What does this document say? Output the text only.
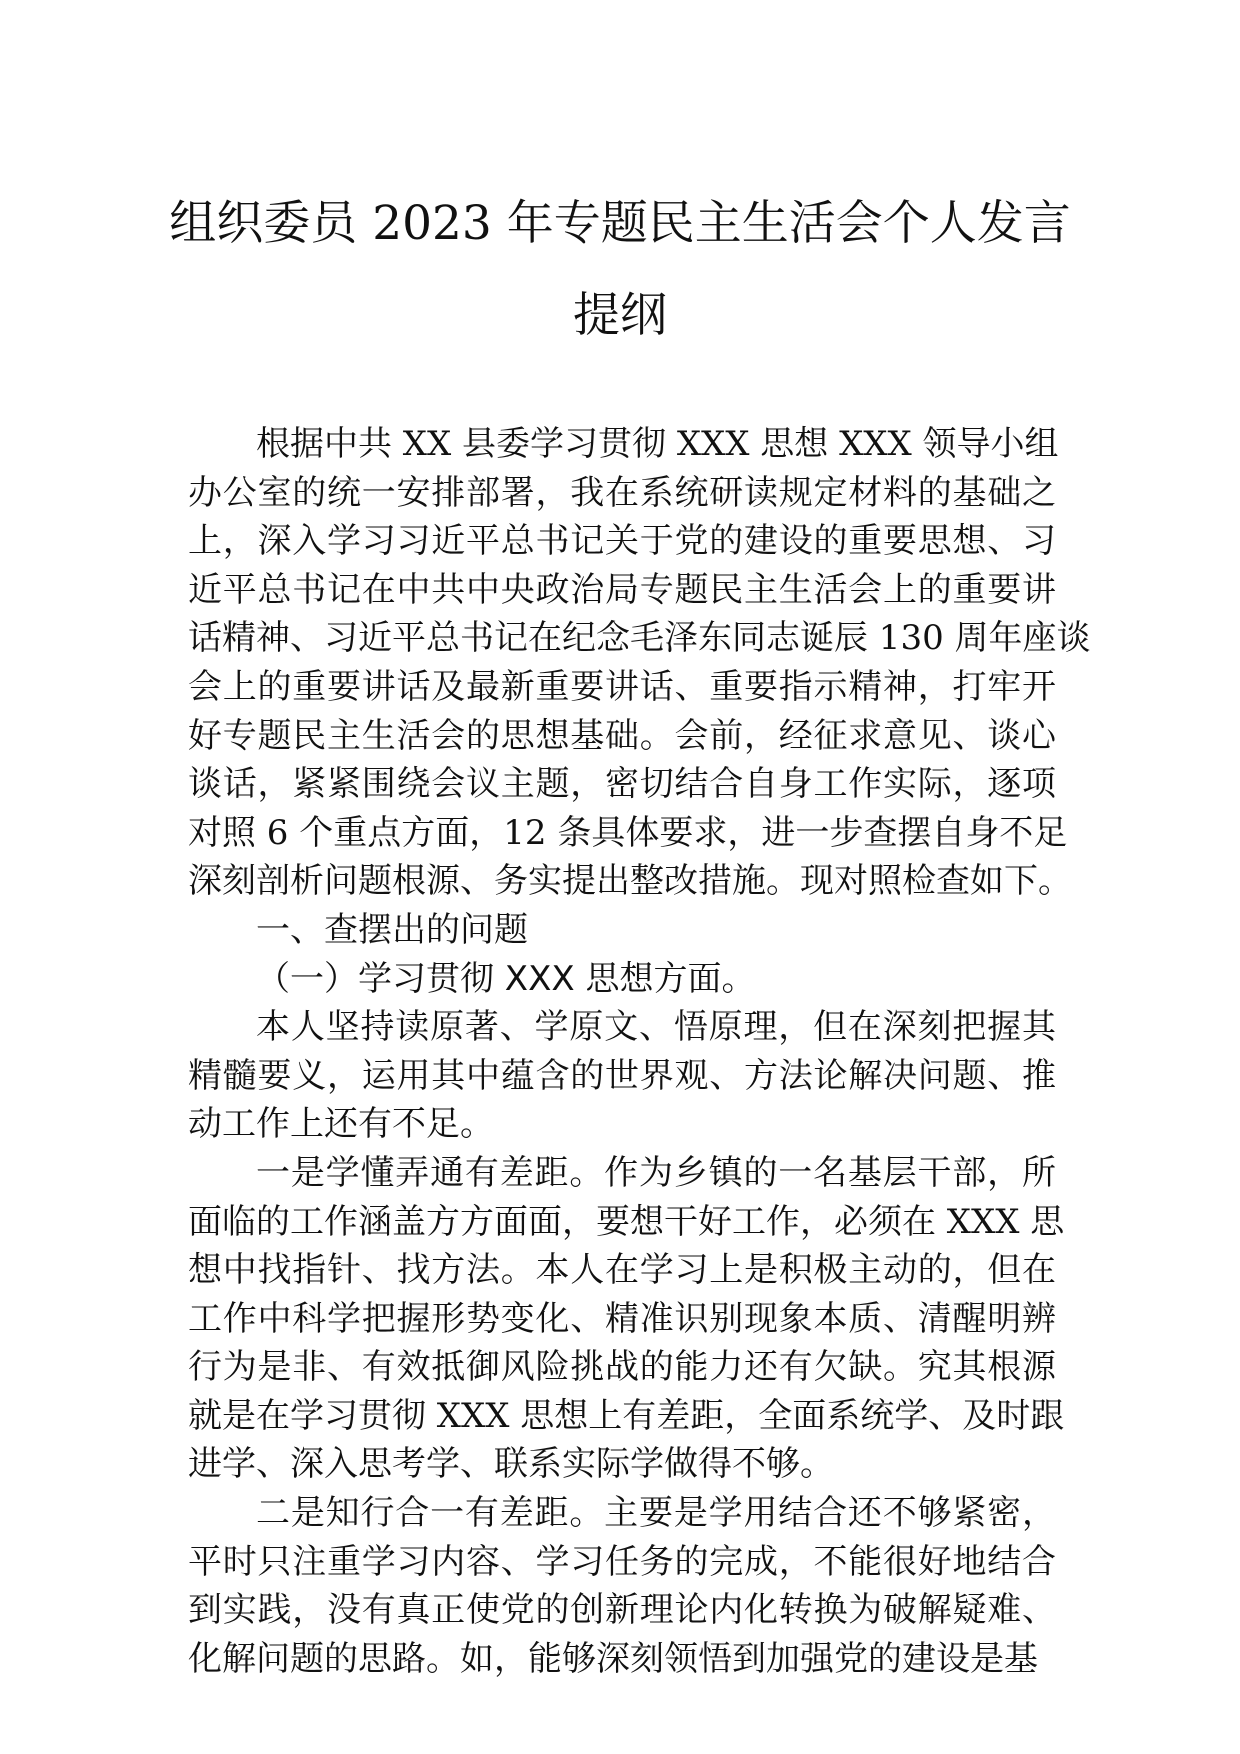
组织委员 2023 年专题民主生活会个人发言
提纲
根据中共 XX 县委学习贯彻 XXX 思想 XXX 领导小组
办公室的统一安排部署，我在系统研读规定材料的基础之
上，深入学习习近平总书记关于党的建设的重要思想、习
近平总书记在中共中央政治局专题民主生活会上的重要讲
话精神、习近平总书记在纪念毛泽东同志诞辰 130 周年座谈
会上的重要讲话及最新重要讲话、重要指示精神，打牢开
好专题民主生活会的思想基础。会前，经征求意见、谈心
谈话，紧紧围绕会议主题，密切结合自身工作实际，逐项
对照 6 个重点方面，12 条具体要求，进一步查摆自身不足
深刻剖析问题根源、务实提出整改措施。现对照检查如下。
一、查摆出的问题
（一）学习贯彻 XXX 思想方面。
本人坚持读原著、学原文、悟原理，但在深刻把握其
精髓要义，运用其中蕴含的世界观、方法论解决问题、推
动工作上还有不足。
一是学懂弄通有差距。作为乡镇的一名基层干部，所
面临的工作涵盖方方面面，要想干好工作，必须在 XXX 思
想中找指针、找方法。本人在学习上是积极主动的，但在
工作中科学把握形势变化、精准识别现象本质、清醒明辨
行为是非、有效抵御风险挑战的能力还有欠缺。究其根源
就是在学习贯彻 XXX 思想上有差距，全面系统学、及时跟
进学、深入思考学、联系实际学做得不够。
二是知行合一有差距。主要是学用结合还不够紧密，
平时只注重学习内容、学习任务的完成，不能很好地结合
到实践，没有真正使党的创新理论内化转换为破解疑难、
化解问题的思路。如，能够深刻领悟到加强党的建设是基
